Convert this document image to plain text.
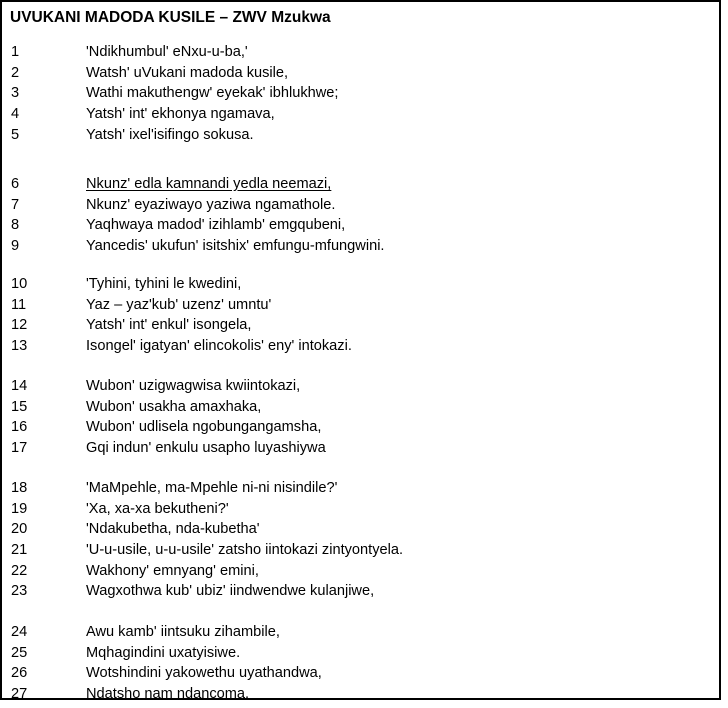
UVUKANI MADODA KUSILE – ZWV Mzukwa
1	'Ndikhumbul' eNxu-u-ba,'
2	Watsh' uVukani madoda kusile,
3	Wathi makuthengw' eyekak' ibhlukhwe;
4	Yatsh' int' ekhonya ngamava,
5	Yatsh' ixel'isifingo sokusa.
6	Nkunz' edla kamnandi yedla neemazi,
7	Nkunz' eyaziwayo yaziwa ngamathole.
8	Yaqhwaya madod' izihlamb' emgqubeni,
9	Yancedis' ukufun' isitshix' emfungu-mfungwini.
10	'Tyhini, tyhini le kwedini,
11	Yaz – yaz'kub' uzenz' umntu'
12	Yatsh' int' enkul' isongela,
13	Isongel' igatyan' elincokolis' eny' intokazi.
14	Wubon' uzigwagwisa kwiintokazi,
15	Wubon' usakha amaxhaka,
16	Wubon' udlisela ngobungangamsha,
17	Gqi indun' enkulu usapho luyashiywa
18	'MaMpehle, ma-Mpehle ni-ni nisindile?'
19	'Xa, xa-xa bekutheni?'
20	'Ndakubetha, nda-kubetha'
21	'U-u-usile, u-u-usile' zatsho iintokazi zintyontyela.
22	Wakhony' emnyang' emini,
23	Wagxothwa kub' ubiz' iindwendwe kulanjiwe,
24	Awu kamb' iintsuku zihambile,
25	Mqhagindini uxatyisiwe.
26	Wotshindini yakowethu uyathandwa,
27	Ndatsho nam ndancoma.
